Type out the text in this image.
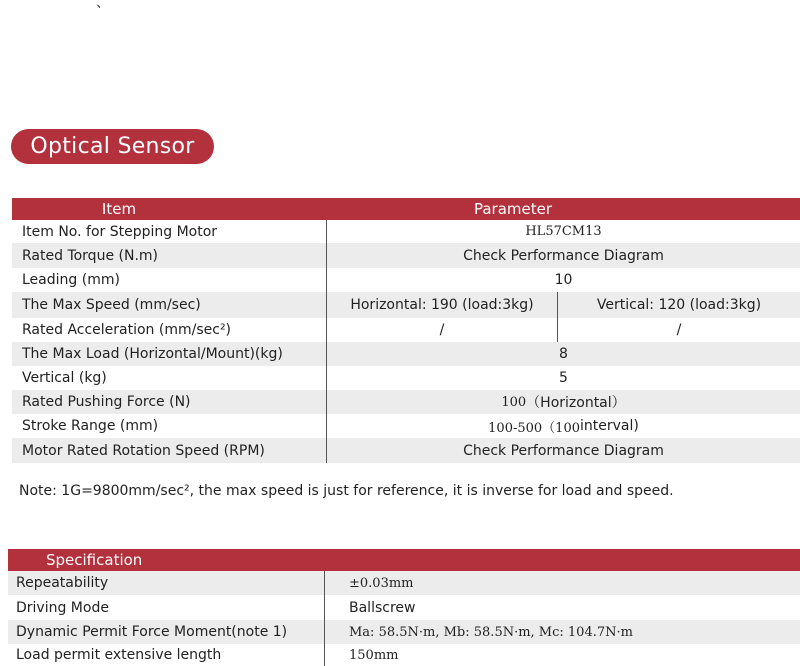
、
Optical Sensor
Item	Parameter
Item No. for Stepping Motor	HL57CM13
Rated Torque (N.m)	Check Performance Diagram
Leading (mm)	10
The Max Speed (mm/sec)	Horizontal: 190 (load:3kg)	Vertical: 120 (load:3kg)
Rated Acceleration (mm/sec²)	/	/
The Max Load (Horizontal/Mount)(kg)	8
Vertical (kg)	5
Rated Pushing Force (N)	100 （Horizontal）
Stroke Range (mm)	100-500（100 interval)
Motor Rated Rotation Speed (RPM)	Check Performance Diagram
Note: 1G=9800mm/sec², the max speed is just for reference, it is inverse for load and speed.
Specification
Repeatability	±0.03mm
Driving Mode	Ballscrew
Dynamic Permit Force Moment(note 1)	Ma: 58.5N·m, Mb: 58.5N·m, Mc: 104.7N·m
Load permit extensive length	150mm
